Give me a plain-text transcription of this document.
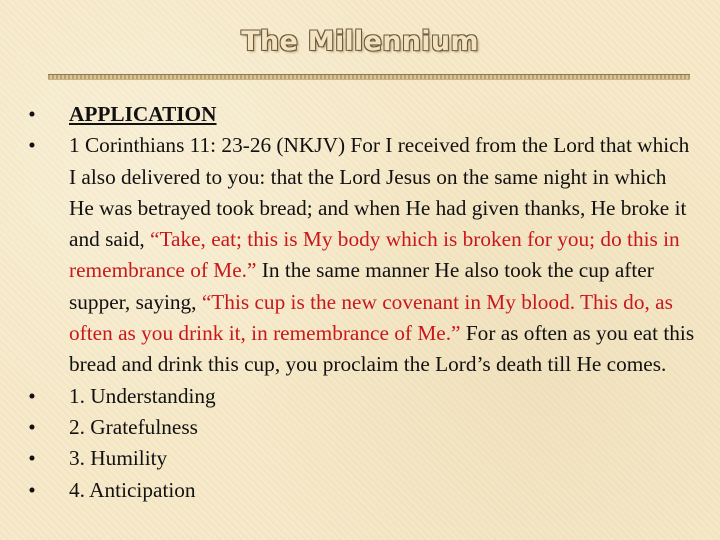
The Millennium
• APPLICATION
• 1 Corinthians 11: 23-26 (NKJV) For I received from the Lord that which I also delivered to you: that the Lord Jesus on the same night in which He was betrayed took bread; and when He had given thanks, He broke it and said, “Take, eat; this is My body which is broken for you; do this in remembrance of Me.” In the same manner He also took the cup after supper, saying, “This cup is the new covenant in My blood. This do, as often as you drink it, in remembrance of Me.” For as often as you eat this bread and drink this cup, you proclaim the Lord’s death till He comes.
• 1. Understanding
• 2. Gratefulness
• 3. Humility
• 4. Anticipation
